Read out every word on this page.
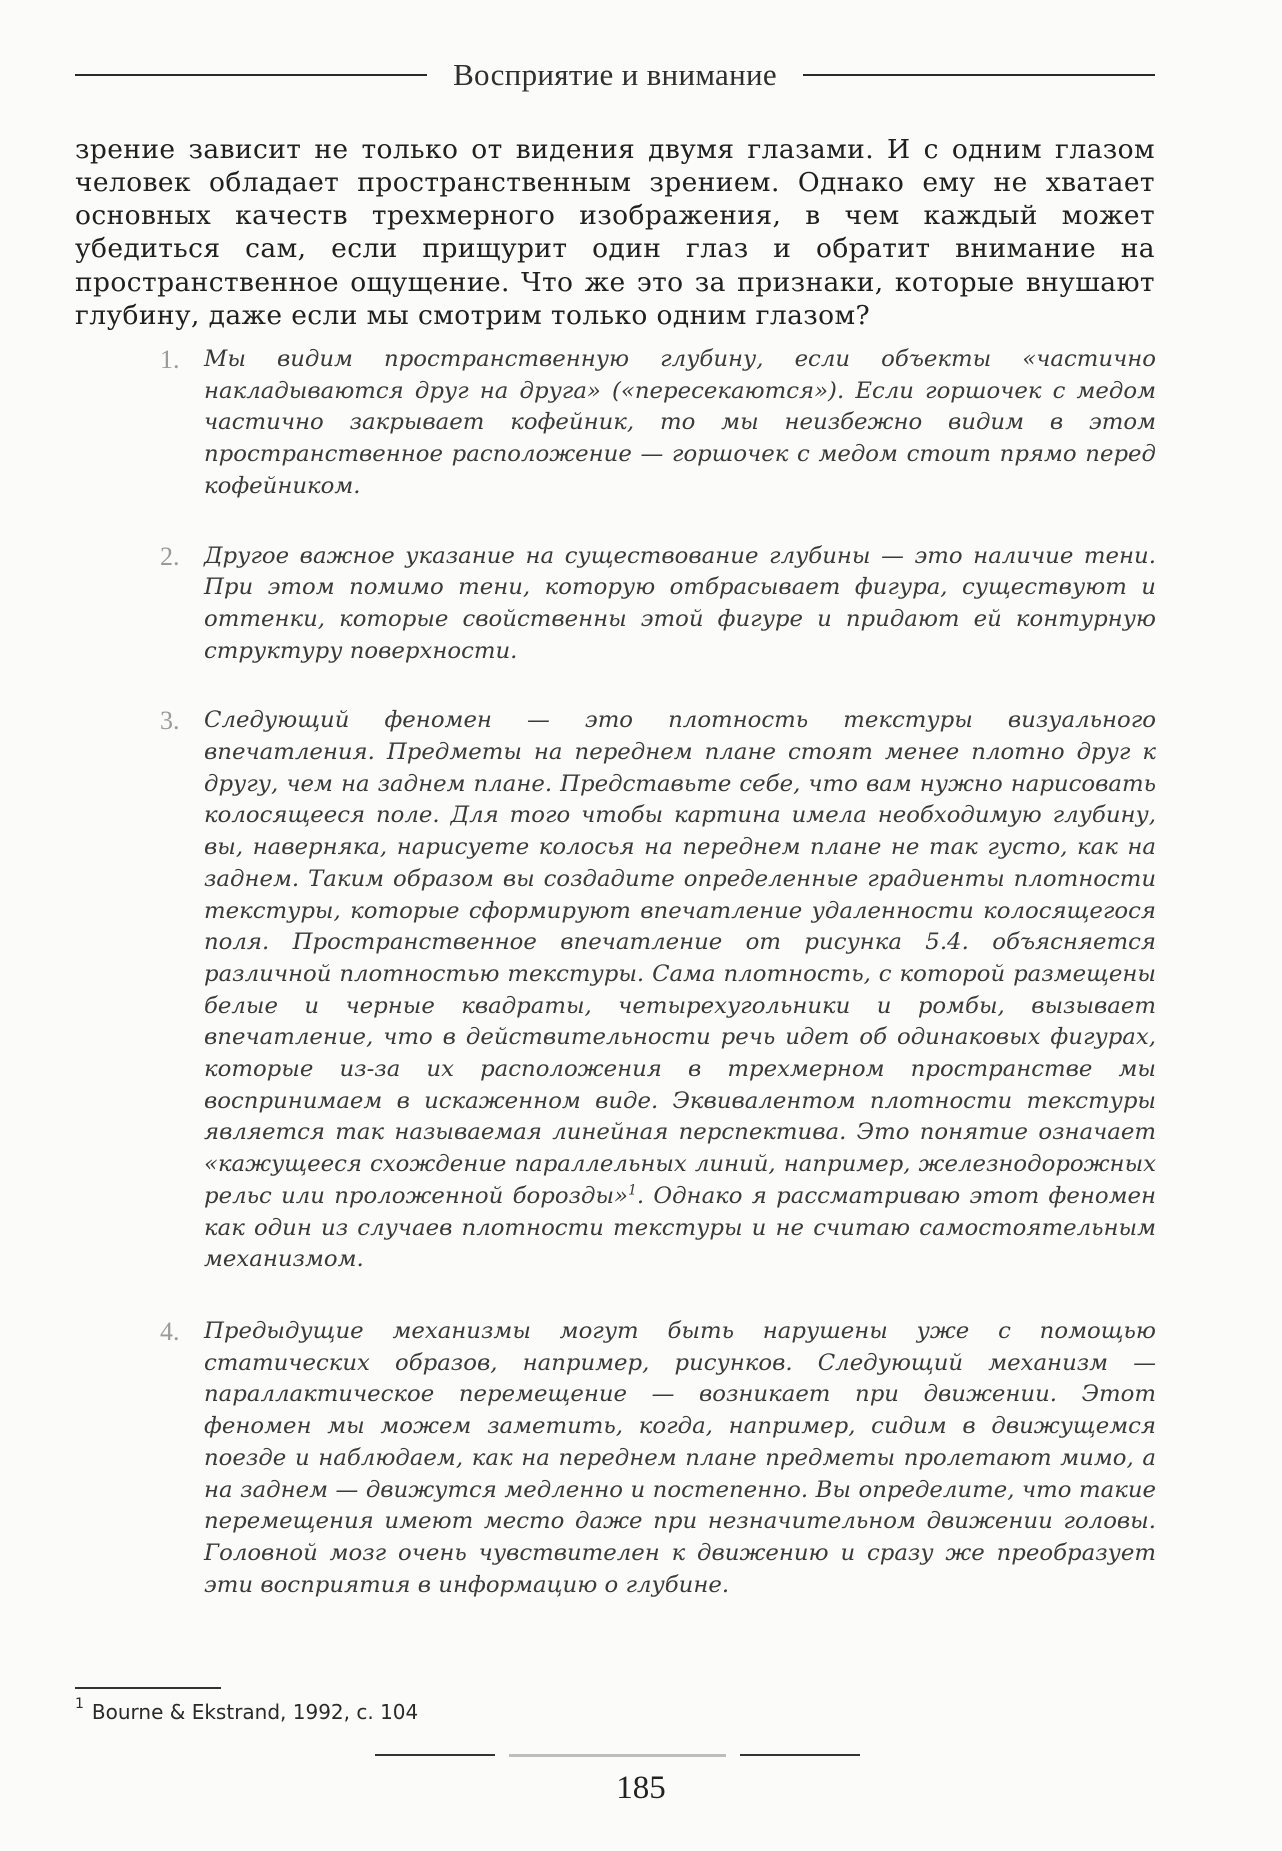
Восприятие и внимание

зрение зависит не только от видения двумя глазами. И с одним глазом человек обладает пространственным зрением. Однако ему не хватает основных качеств трехмерного изображения, в чем каждый может убедиться сам, если прищурит один глаз и обратит внимание на пространственное ощущение. Что же это за признаки, которые внушают глубину, даже если мы смотрим только одним глазом?

1.	Мы видим пространственную глубину, если объекты «частично накладываются друг на друга» («пересекаются»). Если горшочек с медом частично закрывает кофейник, то мы неизбежно видим в этом пространственное расположение — горшочек с медом стоит прямо перед кофейником.
2.	Другое важное указание на существование глубины — это наличие тени. При этом помимо тени, которую отбрасывает фигура, существуют и оттенки, которые свойственны этой фигуре и придают ей контурную структуру поверхности.
3.	Следующий феномен — это плотность текстуры визуального впечатления. Предметы на переднем плане стоят менее плотно друг к другу, чем на заднем плане. Представьте себе, что вам нужно нарисовать колосящееся поле. Для того чтобы картина имела необходимую глубину, вы, наверняка, нарисуете колосья на переднем плане не так густо, как на заднем. Таким образом вы создадите определенные градиенты плотности текстуры, которые сформируют впечатление удаленности колосящегося поля. Пространственное впечатление от рисунка 5.4. объясняется различной плотностью текстуры. Сама плотность, с которой размещены белые и черные квадраты, четырехугольники и ромбы, вызывает впечатление, что в действительности речь идет об одинаковых фигурах, которые из-за их расположения в трехмерном пространстве мы воспринимаем в искаженном виде. Эквивалентом плотности текстуры является так называемая линейная перспектива. Это понятие означает «кажущееся схождение параллельных линий, например, железнодорожных рельс или проложенной борозды»$^1$. Однако я рассматриваю этот феномен как один из случаев плотности текстуры и не считаю самостоятельным механизмом.
4.	Предыдущие механизмы могут быть нарушены уже с помощью статических образов, например, рисунков. Следующий механизм — параллактическое перемещение — возникает при движении. Этот феномен мы можем заметить, когда, например, сидим в движущемся поезде и наблюдаем, как на переднем плане предметы пролетают мимо, а на заднем — движутся медленно и постепенно. Вы определите, что такие перемещения имеют место даже при незначительном движении головы. Головной мозг очень чувствителен к движению и сразу же преобразует эти восприятия в информацию о глубине.
1 Bourne & Ekstrand, 1992, с. 104
185
